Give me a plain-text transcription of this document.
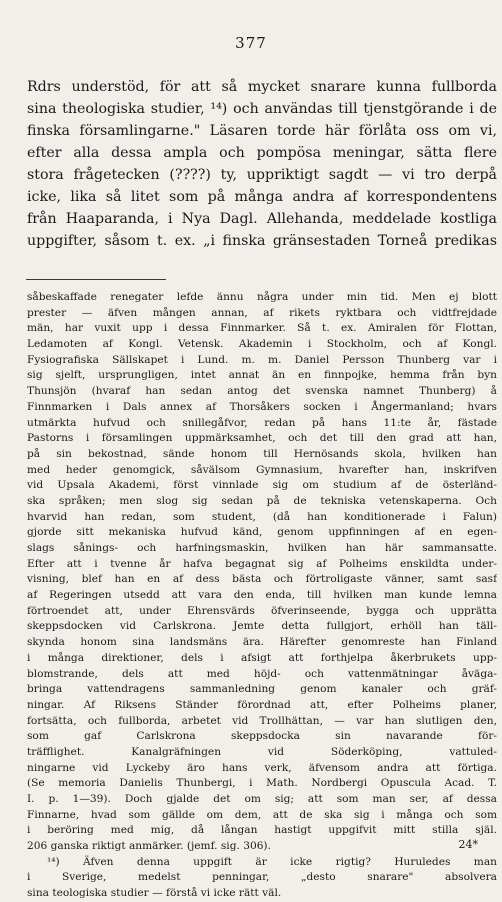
377
Rdrs understöd, för att så mycket snarare kunna fullborda
sina theologiska studier, ¹⁴) och användas till tjenstgörande i de
finska församlingarne." Läsaren torde här förlåta oss om vi,
efter alla dessa ampla och pompösa meningar, sätta flere
stora frågetecken (????) ty, uppriktigt sagdt — vi tro derpå
icke, lika så litet som på många andra af korrespondentens
från Haaparanda, i Nya Dagl. Allehanda, meddelade kostliga
uppgifter, såsom t. ex. „i finska gränsestaden Torneå predikas
såbeskaffade renegater lefde ännu några under min tid. Men ej blott
prester — äfven mången annan, af rikets ryktbara och vidtfrejdade
män, har vuxit upp i dessa Finnmarker. Så t. ex. Amiralen för Flottan,
Ledamoten af Kongl. Vetensk. Akademin i Stockholm, och af Kongl.
Fysiografiska Sällskapet i Lund. m. m. Daniel Persson Thunberg var i
sig sjelft, ursprungligen, intet annat än en finnpojke, hemma från byn
Thunsjön (hvaraf han sedan antog det svenska namnet Thunberg) å
Finnmarken i Dals annex af Thorsåkers socken i Ångermanland; hvars
utmärkta hufvud och snillegåfvor, redan på hans 11:te år, fästade
Pastorns i församlingen uppmärksamhet, och det till den grad att han,
på sin bekostnad, sände honom till Hernösands skola, hvilken han
med heder genomgick, såvälsom Gymnasium, hvarefter han, inskrifven
vid Upsala Akademi, först vinnlade sig om studium af de österländ-
ska språken; men slog sig sedan på de tekniska vetenskaperna. Och
hvarvid han redan, som student, (då han konditionerade i Falun)
gjorde sitt mekaniska hufvud känd, genom uppfinningen af en egen-
slags sånings- och harfningsmaskin, hvilken han här sammansatte.
Efter att i tvenne år hafva begagnat sig af Polheims enskildta under-
visning, blef han en af dess bästa och förtroligaste vänner, samt sasf
af Regeringen utsedd att vara den enda, till hvilken man kunde lemna
förtroendet att, under Ehrensvärds öfverinseende, bygga och upprätta
skeppsdocken vid Carlskrona. Jemte detta fullgjort, erhöll han täll-
skynda honom sina landsmäns ära. Härefter genomreste han Finland
i många direktioner, dels i afsigt att forthjelpa åkerbrukets upp-
blomstrande, dels att med höjd- och vattenmätningar åväga-
bringa vattendragens sammanledning genom kanaler och gräf-
ningar. Af Riksens Ständer förordnad att, efter Polheims planer,
fortsätta, och fullborda, arbetet vid Trollhättan, — var han slutligen den,
som gaf Carlskrona skeppsdocka sin navarande för-
träfflighet. Kanalgräfningen vid Söderköping, vattuled-
ningarne vid Lyckeby äro hans verk, äfvensom andra att förtiga.
(Se memoria Danielis Thunbergi, i Math. Nordbergi Opuscula Acad. T.
I. p. 1—39). Doch gjalde det om sig; att som man ser, af dessa
Finnarne, hvad som gällde om dem, att de ska sig i många och som
i beröring med mig, då långan hastigt uppgifvit mitt stilla själ.
206 ganska riktigt anmärker. (jemf. sig. 306).
¹⁴) Äfven denna uppgift är icke rigtig? Huruledes man
i Sverige, medelst penningar, „desto snarare" absolvera
sina teologiska studier — förstå vi icke rätt väl.
24*
